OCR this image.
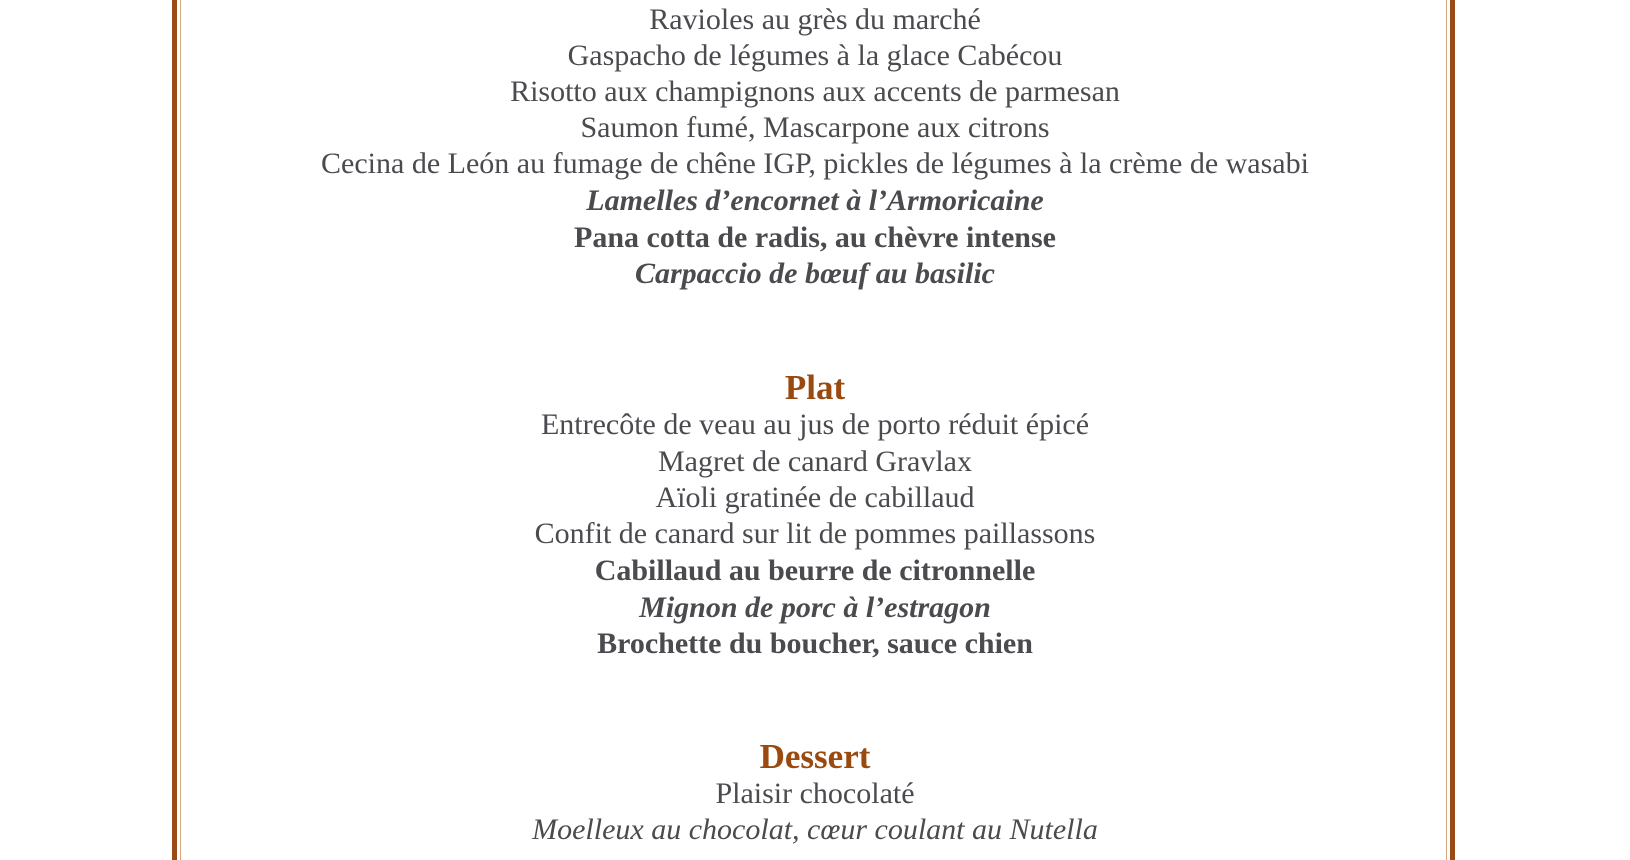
Ravioles au grès du marché
Gaspacho de légumes à la glace Cabécou
Risotto aux champignons aux accents de parmesan
Saumon fumé, Mascarpone aux citrons
Cecina de León au fumage de chêne IGP, pickles de légumes à la crème de wasabi
Lamelles d’encornet à l’Armoricaine
Pana cotta de radis, au chèvre intense
Carpaccio de bœuf au basilic
Plat
Entrecôte de veau au jus de porto réduit épicé
Magret de canard Gravlax
Aïoli gratinée de cabillaud
Confit de canard sur lit de pommes paillassons
Cabillaud au beurre de citronnelle
Mignon de porc à l’estragon
Brochette du boucher, sauce chien
Dessert
Plaisir chocolaté
Moelleux au chocolat, cœur coulant au Nutella
